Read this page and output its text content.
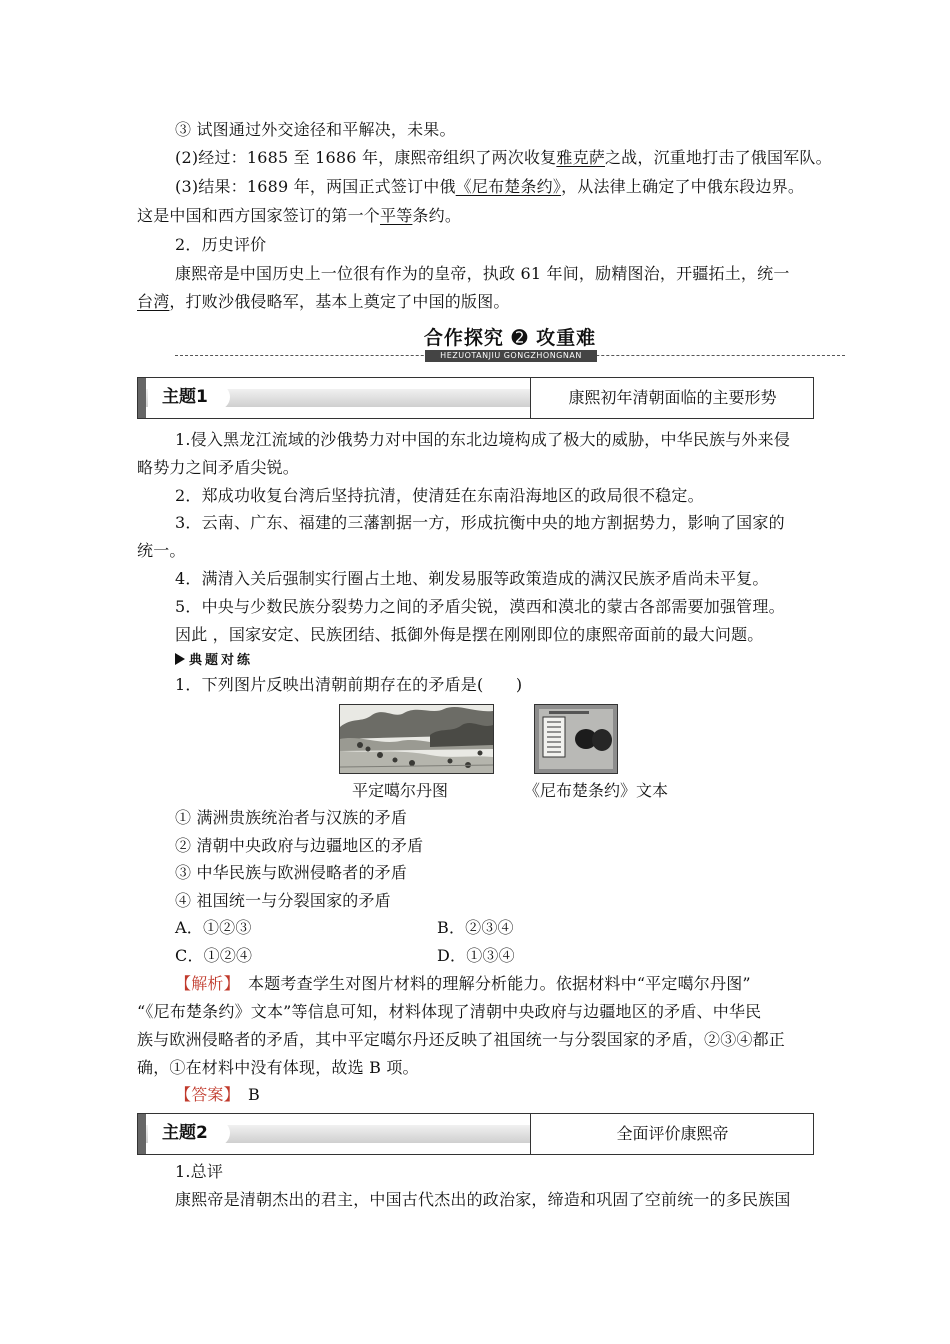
③ 试图通过外交途径和平解决，未果。
(2)经过：1685 至 1686 年，康熙帝组织了两次收复雅克萨之战，沉重地打击了俄国军队。
(3)结果：1689 年，两国正式签订中俄《尼布楚条约》，从法律上确定了中俄东段边界。
这是中国和西方国家签订的第一个平等条约。
2．历史评价
康熙帝是中国历史上一位很有作为的皇帝，执政 61 年间，励精图治，开疆拓土，统一
台湾，打败沙俄侵略军，基本上奠定了中国的版图。
合作探究 ➋ 攻重难
HEZUOTANJIU GONGZHONGNAN
主题1	康熙初年清朝面临的主要形势
1.侵入黑龙江流域的沙俄势力对中国的东北边境构成了极大的威胁，中华民族与外来侵
略势力之间矛盾尖锐。
2．郑成功收复台湾后坚持抗清，使清廷在东南沿海地区的政局很不稳定。
3．云南、广东、福建的三藩割据一方，形成抗衡中央的地方割据势力，影响了国家的
统一。
4．满清入关后强制实行圈占土地、剃发易服等政策造成的满汉民族矛盾尚未平复。
5．中央与少数民族分裂势力之间的矛盾尖锐，漠西和漠北的蒙古各部需要加强管理。
因此 ，国家安定、民族团结、抵御外侮是摆在刚刚即位的康熙帝面前的最大问题。
典题对练
1．下列图片反映出清朝前期存在的矛盾是(　　)
平定噶尔丹图	《尼布楚条约》文本
① 满洲贵族统治者与汉族的矛盾
② 清朝中央政府与边疆地区的矛盾
③ 中华民族与欧洲侵略者的矛盾
④ 祖国统一与分裂国家的矛盾
A．①②③	B．②③④
C．①②④	D．①③④
【解析】　本题考查学生对图片材料的理解分析能力。依据材料中“平定噶尔丹图”
“《尼布楚条约》文本”等信息可知，材料体现了清朝中央政府与边疆地区的矛盾、中华民
族与欧洲侵略者的矛盾，其中平定噶尔丹还反映了祖国统一与分裂国家的矛盾，②③④都正
确，①在材料中没有体现，故选 B 项。
【答案】　B
主题2	全面评价康熙帝
1.总评
康熙帝是清朝杰出的君主，中国古代杰出的政治家，缔造和巩固了空前统一的多民族国
